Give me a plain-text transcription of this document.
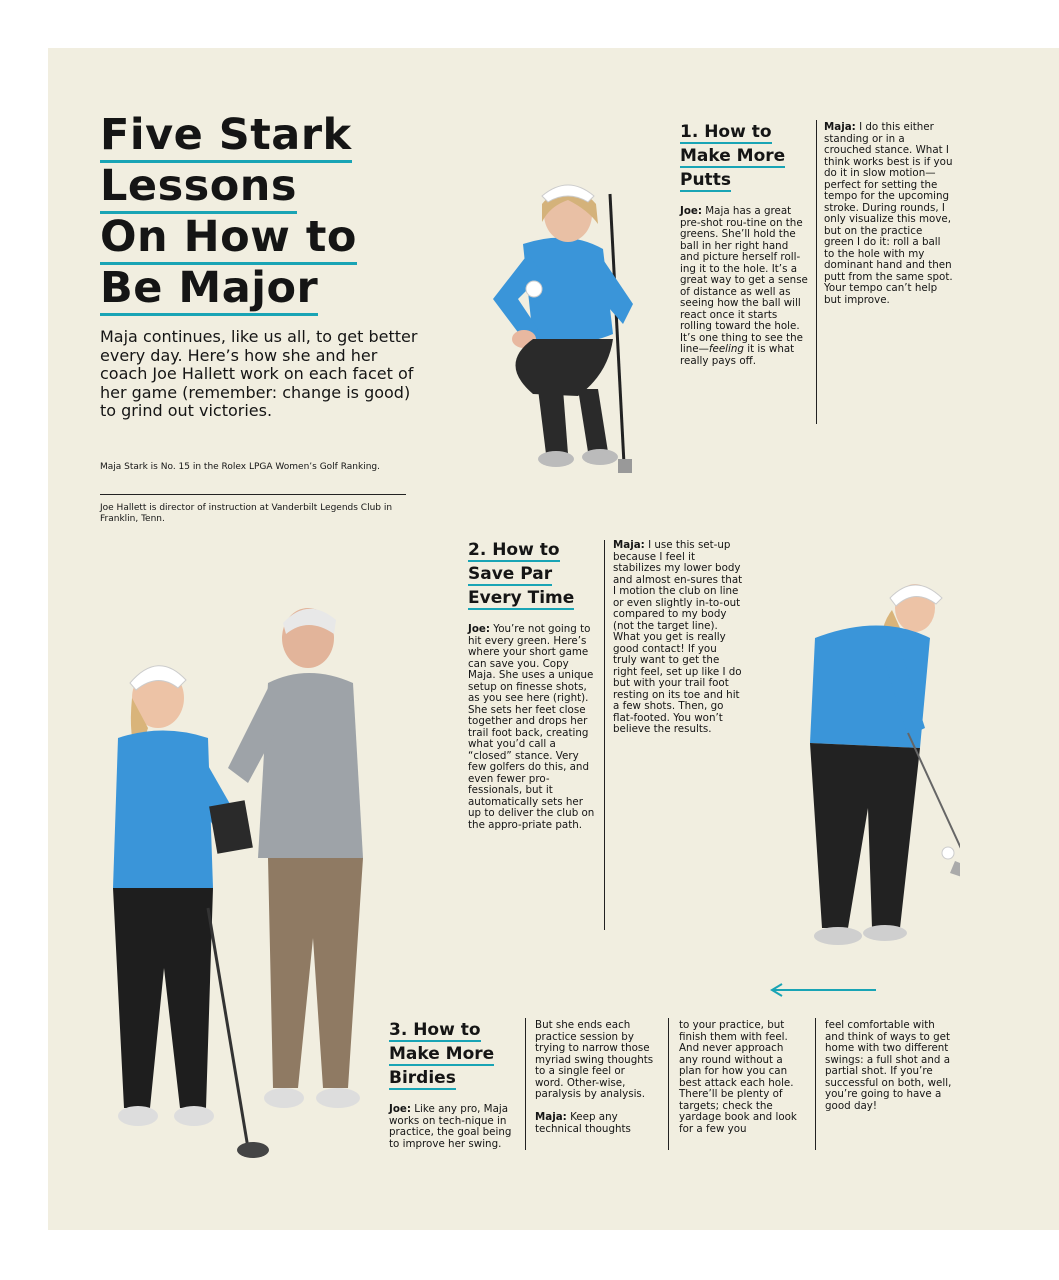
Five Stark
Lessons
On How to
Be Major
Maja continues, like us all, to get better every day. Here’s how she and her coach Joe Hallett work on each facet of her game (remember: change is good) to grind out victories.
Maja Stark is No. 15 in the Rolex LPGA Women’s Golf Ranking.
Joe Hallett is director of instruction at Vanderbilt Legends Club in Franklin, Tenn.
1. How to
Make More
Putts
Joe: Maja has a great pre-shot rou-tine on the greens. She’ll hold the ball in her right hand and picture herself roll-ing it to the hole. It’s a great way to get a sense of distance as well as seeing how the ball will react once it starts rolling toward the hole. It’s one thing to see the line—feeling it is what really pays off.
Maja: I do this either standing or in a crouched stance. What I think works best is if you do it in slow motion—perfect for setting the tempo for the upcoming stroke. During rounds, I only visualize this move, but on the practice green I do it: roll a ball to the hole with my dominant hand and then putt from the same spot. Your tempo can’t help but improve.
2. How to
Save Par
Every Time
Joe: You’re not going to hit every green. Here’s where your short game can save you. Copy Maja. She uses a unique setup on finesse shots, as you see here (right). She sets her feet close together and drops her trail foot back, creating what you’d call a “closed” stance. Very few golfers do this, and even fewer pro-fessionals, but it automatically sets her up to deliver the club on the appro-priate path.
Maja: I use this set-up because I feel it stabilizes my lower body and almost en-sures that I motion the club on line or even slightly in-to-out compared to my body (not the target line). What you get is really good contact! If you truly want to get the right feel, set up like I do but with your trail foot resting on its toe and hit a few shots. Then, go flat-footed. You won’t believe the results.
3. How to
Make More
Birdies
Joe: Like any pro, Maja works on tech-nique in practice, the goal being to improve her swing.
But she ends each practice session by trying to narrow those myriad swing thoughts to a single feel or word. Other-wise, paralysis by analysis.

Maja: Keep any technical thoughts
to your practice, but finish them with feel. And never approach any round without a plan for how you can best attack each hole. There’ll be plenty of targets; check the yardage book and look for a few you
feel comfortable with and think of ways to get home with two different swings: a full shot and a partial shot. If you’re successful on both, well, you’re going to have a good day!
